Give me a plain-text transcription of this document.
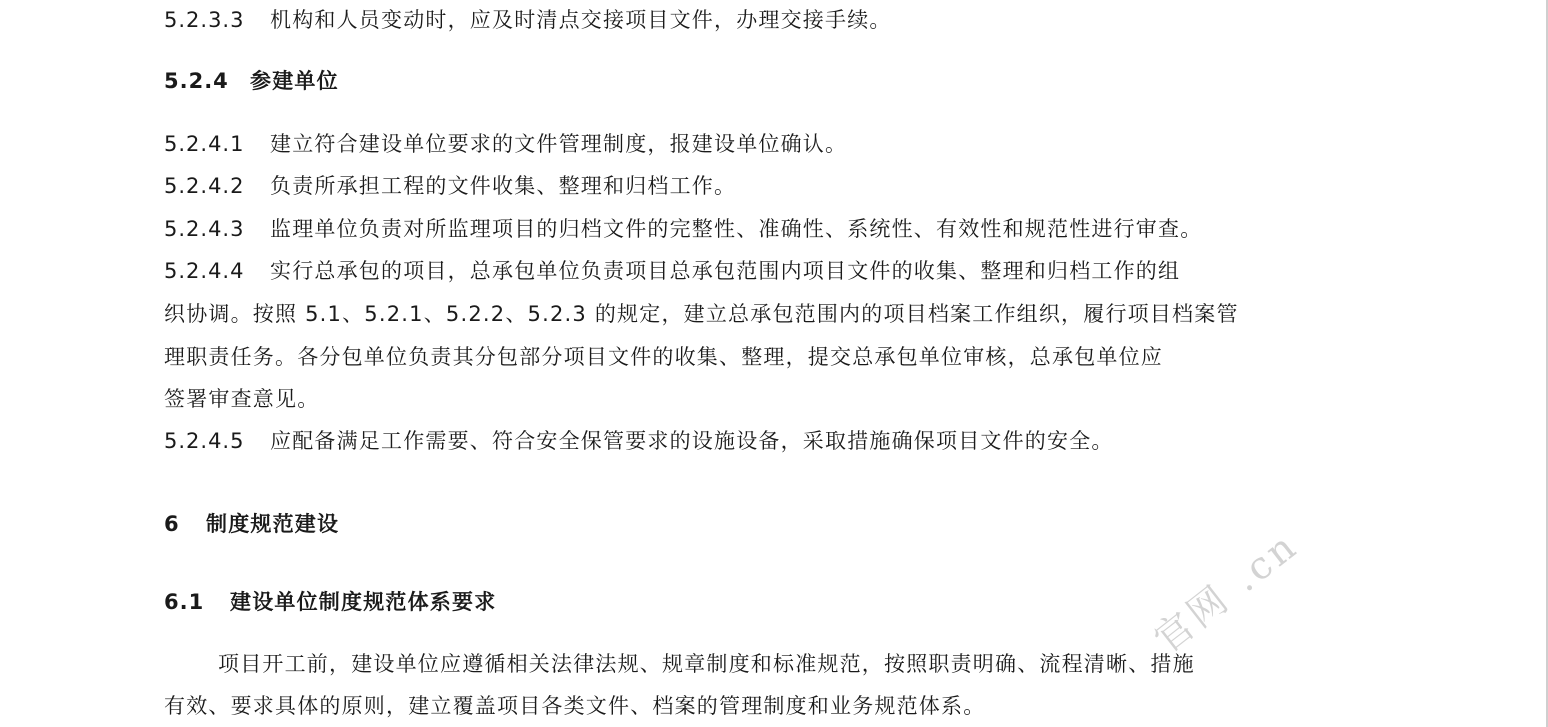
5.2.3.3 机构和人员变动时，应及时清点交接项目文件，办理交接手续。
5.2.4 参建单位
5.2.4.1 建立符合建设单位要求的文件管理制度，报建设单位确认。
5.2.4.2 负责所承担工程的文件收集、整理和归档工作。
5.2.4.3 监理单位负责对所监理项目的归档文件的完整性、准确性、系统性、有效性和规范性进行审查。
5.2.4.4 实行总承包的项目，总承包单位负责项目总承包范围内项目文件的收集、整理和归档工作的组
织协调。按照 5.1、5.2.1、5.2.2、5.2.3 的规定，建立总承包范围内的项目档案工作组织，履行项目档案管
理职责任务。各分包单位负责其分包部分项目文件的收集、整理，提交总承包单位审核，总承包单位应
签署审查意见。
5.2.4.5 应配备满足工作需要、符合安全保管要求的设施设备，采取措施确保项目文件的安全。
6 制度规范建设
6.1 建设单位制度规范体系要求
项目开工前，建设单位应遵循相关法律法规、规章制度和标准规范，按照职责明确、流程清晰、措施
有效、要求具体的原则，建立覆盖项目各类文件、档案的管理制度和业务规范体系。
官网 .cn
